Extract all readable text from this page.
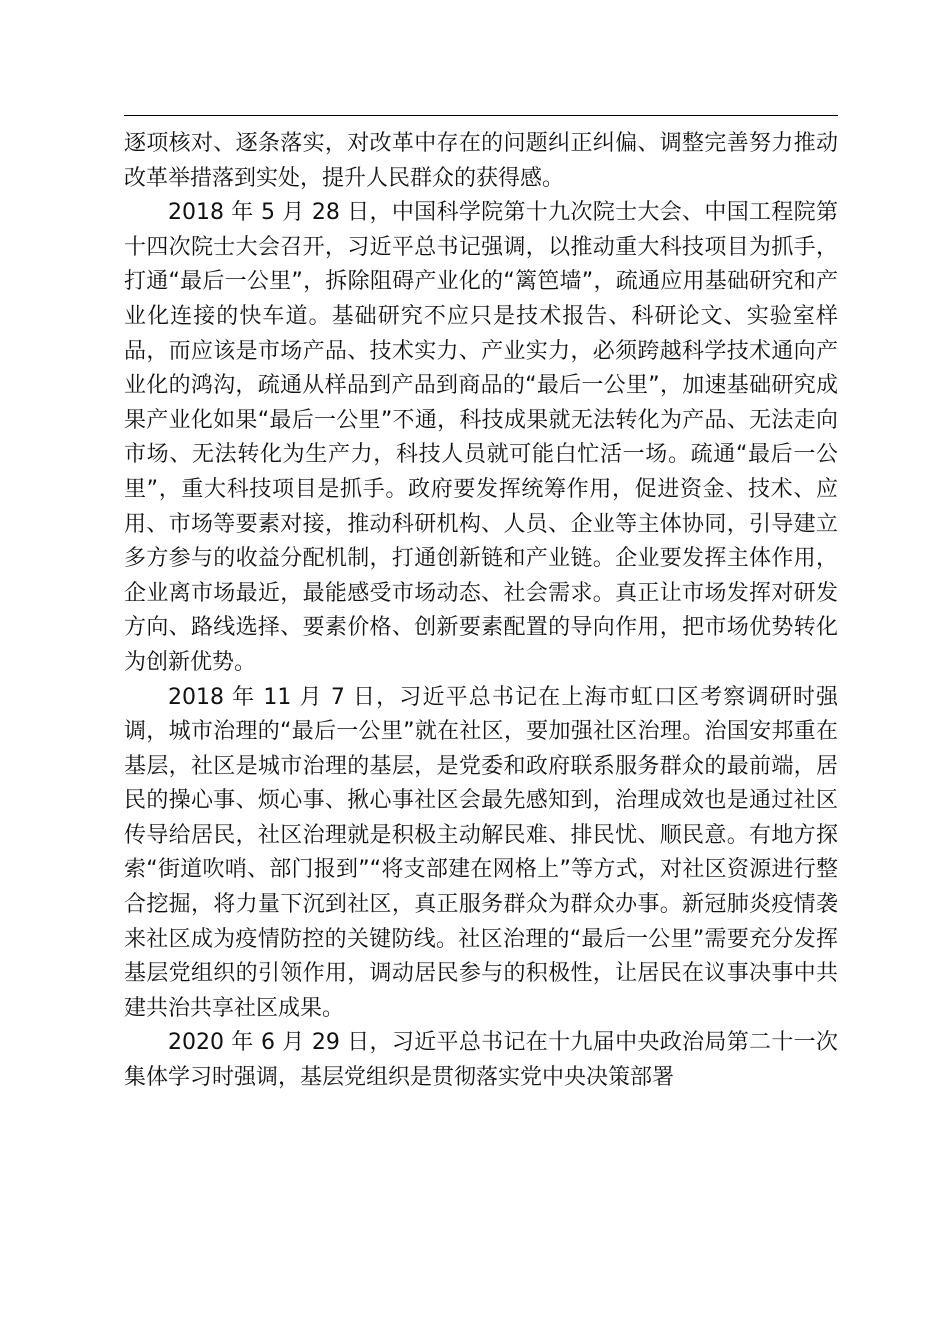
逐项核对、逐条落实，对改革中存在的问题纠正纠偏、调整完善努力推动改革举措落到实处，提升人民群众的获得感。

2018 年 5 月 28 日，中国科学院第十九次院士大会、中国工程院第十四次院士大会召开，习近平总书记强调，以推动重大科技项目为抓手，打通“最后一公里”，拆除阻碍产业化的“篱笆墙”，疏通应用基础研究和产业化连接的快车道。基础研究不应只是技术报告、科研论文、实验室样品，而应该是市场产品、技术实力、产业实力，必须跨越科学技术通向产业化的鸿沟，疏通从样品到产品到商品的“最后一公里”，加速基础研究成果产业化如果“最后一公里”不通，科技成果就无法转化为产品、无法走向市场、无法转化为生产力，科技人员就可能白忙活一场。疏通“最后一公里”，重大科技项目是抓手。政府要发挥统筹作用，促进资金、技术、应用、市场等要素对接，推动科研机构、人员、企业等主体协同，引导建立多方参与的收益分配机制，打通创新链和产业链。企业要发挥主体作用，企业离市场最近，最能感受市场动态、社会需求。真正让市场发挥对研发方向、路线选择、要素价格、创新要素配置的导向作用，把市场优势转化为创新优势。

2018 年 11 月 7 日，习近平总书记在上海市虹口区考察调研时强调，城市治理的“最后一公里”就在社区，要加强社区治理。治国安邦重在基层，社区是城市治理的基层，是党委和政府联系服务群众的最前端，居民的操心事、烦心事、揪心事社区会最先感知到，治理成效也是通过社区传导给居民，社区治理就是积极主动解民难、排民忧、顺民意。有地方探索“街道吹哨、部门报到”“将支部建在网格上”等方式，对社区资源进行整合挖掘，将力量下沉到社区，真正服务群众为群众办事。新冠肺炎疫情袭来社区成为疫情防控的关键防线。社区治理的“最后一公里”需要充分发挥基层党组织的引领作用，调动居民参与的积极性，让居民在议事决事中共建共治共享社区成果。

2020 年 6 月 29 日，习近平总书记在十九届中央政治局第二十一次集体学习时强调，基层党组织是贯彻落实党中央决策部署
